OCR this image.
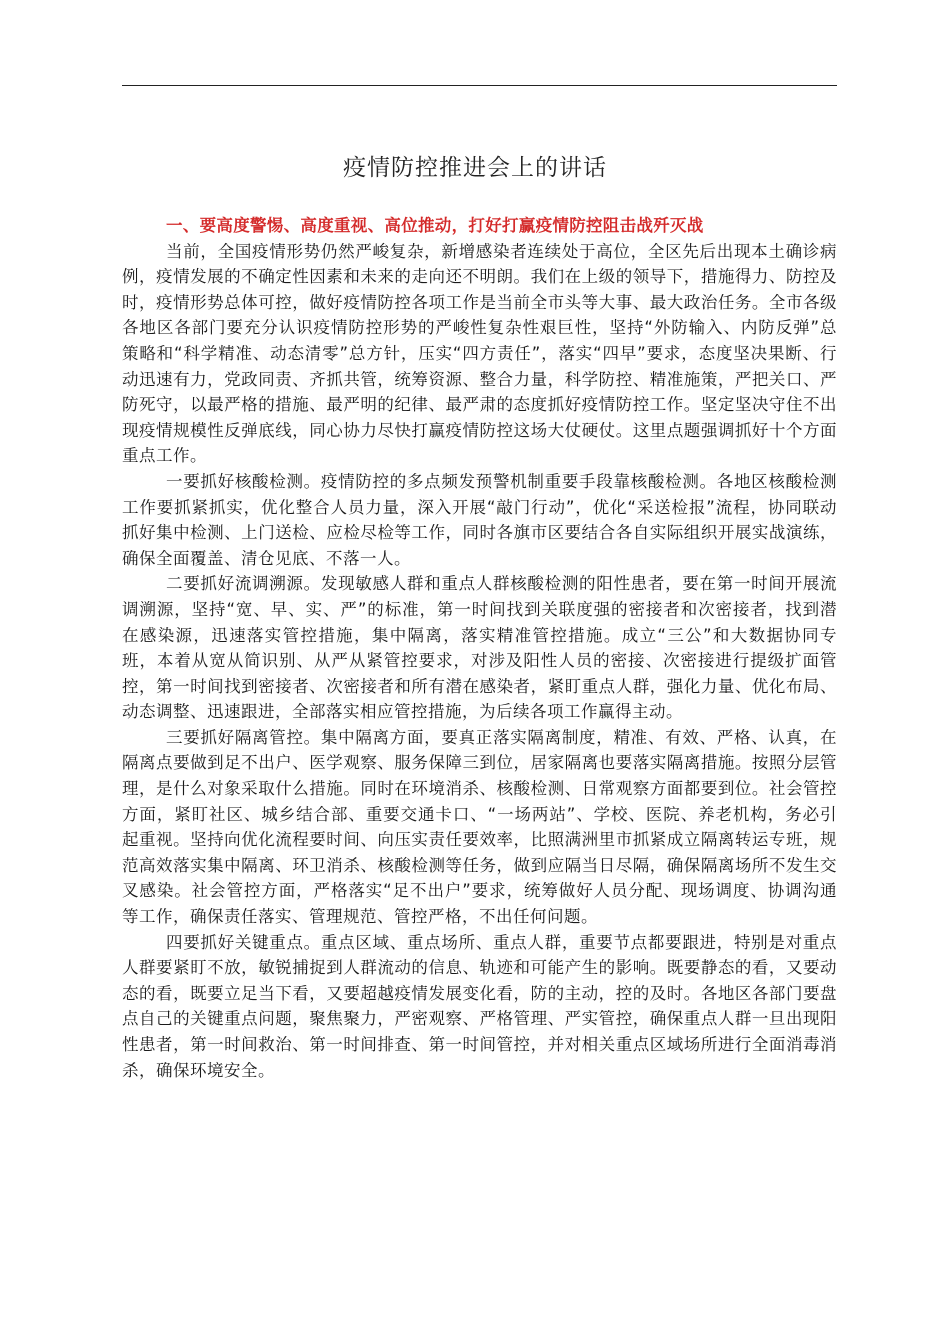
疫情防控推进会上的讲话

一、要高度警惕、高度重视、高位推动，打好打赢疫情防控阻击战歼灭战

当前，全国疫情形势仍然严峻复杂，新增感染者连续处于高位，全区先后出现本土确诊病例，疫情发展的不确定性因素和未来的走向还不明朗。我们在上级的领导下，措施得力、防控及时，疫情形势总体可控，做好疫情防控各项工作是当前全市头等大事、最大政治任务。全市各级各地区各部门要充分认识疫情防控形势的严峻性复杂性艰巨性，坚持“外防输入、内防反弹”总策略和“科学精准、动态清零”总方针，压实“四方责任”，落实“四早”要求，态度坚决果断、行动迅速有力，党政同责、齐抓共管，统筹资源、整合力量，科学防控、精准施策，严把关口、严防死守，以最严格的措施、最严明的纪律、最严肃的态度抓好疫情防控工作。坚定坚决守住不出现疫情规模性反弹底线，同心协力尽快打赢疫情防控这场大仗硬仗。这里点题强调抓好十个方面重点工作。

一要抓好核酸检测。疫情防控的多点频发预警机制重要手段靠核酸检测。各地区核酸检测工作要抓紧抓实，优化整合人员力量，深入开展“敲门行动”，优化“采送检报”流程，协同联动抓好集中检测、上门送检、应检尽检等工作，同时各旗市区要结合各自实际组织开展实战演练，确保全面覆盖、清仓见底、不落一人。

二要抓好流调溯源。发现敏感人群和重点人群核酸检测的阳性患者，要在第一时间开展流调溯源，坚持“宽、早、实、严”的标准，第一时间找到关联度强的密接者和次密接者，找到潜在感染源，迅速落实管控措施，集中隔离，落实精准管控措施。成立“三公”和大数据协同专班，本着从宽从简识别、从严从紧管控要求，对涉及阳性人员的密接、次密接进行提级扩面管控，第一时间找到密接者、次密接者和所有潜在感染者，紧盯重点人群，强化力量、优化布局、动态调整、迅速跟进，全部落实相应管控措施，为后续各项工作赢得主动。

三要抓好隔离管控。集中隔离方面，要真正落实隔离制度，精准、有效、严格、认真，在隔离点要做到足不出户、医学观察、服务保障三到位，居家隔离也要落实隔离措施。按照分层管理，是什么对象采取什么措施。同时在环境消杀、核酸检测、日常观察方面都要到位。社会管控方面，紧盯社区、城乡结合部、重要交通卡口、“一场两站”、学校、医院、养老机构，务必引起重视。坚持向优化流程要时间、向压实责任要效率，比照满洲里市抓紧成立隔离转运专班，规范高效落实集中隔离、环卫消杀、核酸检测等任务，做到应隔当日尽隔，确保隔离场所不发生交叉感染。社会管控方面，严格落实“足不出户”要求，统筹做好人员分配、现场调度、协调沟通等工作，确保责任落实、管理规范、管控严格，不出任何问题。

四要抓好关键重点。重点区域、重点场所、重点人群，重要节点都要跟进，特别是对重点人群要紧盯不放，敏锐捕捉到人群流动的信息、轨迹和可能产生的影响。既要静态的看，又要动态的看，既要立足当下看，又要超越疫情发展变化看，防的主动，控的及时。各地区各部门要盘点自己的关键重点问题，聚焦聚力，严密观察、严格管理、严实管控，确保重点人群一旦出现阳性患者，第一时间救治、第一时间排查、第一时间管控，并对相关重点区域场所进行全面消毒消杀，确保环境安全。
